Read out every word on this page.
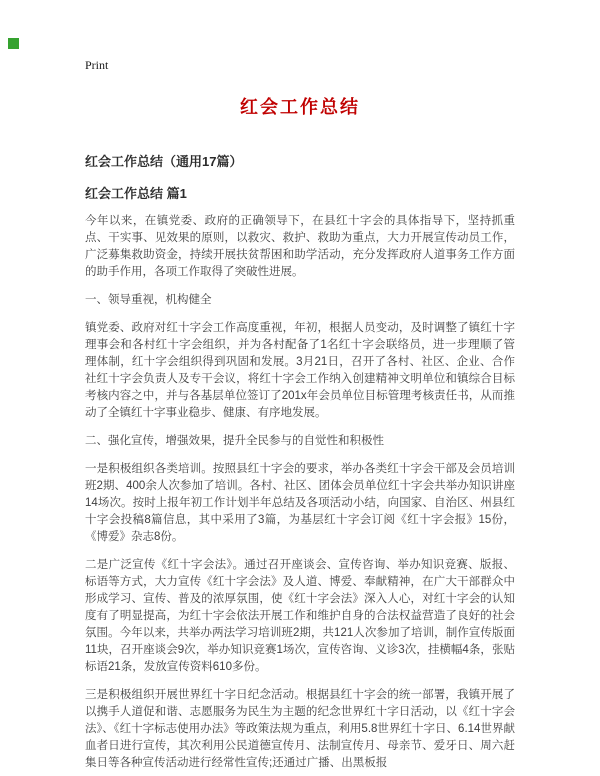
Print
红会工作总结
红会工作总结（通用17篇）
红会工作总结 篇1

今年以来，在镇党委、政府的正确领导下，在县红十字会的具体指导下，坚持抓重点、干实事、见效果的原则，以救灾、救护、救助为重点，大力开展宣传动员工作，广泛募集救助资金，持续开展扶贫帮困和助学活动，充分发挥政府人道事务工作方面的助手作用，各项工作取得了突破性进展。

一、领导重视，机构健全

镇党委、政府对红十字会工作高度重视，年初，根据人员变动，及时调整了镇红十字理事会和各村红十字会组织，并为各村配备了1名红十字会联络员，进一步理顺了管理体制，红十字会组织得到巩固和发展。3月21日，召开了各村、社区、企业、合作社红十字会负责人及专干会议，将红十字会工作纳入创建精神文明单位和镇综合目标考核内容之中，并与各基层单位签订了201x年会员单位目标管理考核责任书，从而推动了全镇红十字事业稳步、健康、有序地发展。

二、强化宣传，增强效果，提升全民参与的自觉性和积极性

一是积极组织各类培训。按照县红十字会的要求，举办各类红十字会干部及会员培训班2期、400余人次参加了培训。各村、社区、团体会员单位红十字会共举办知识讲座14场次。按时上报年初工作计划半年总结及各项活动小结，向国家、自治区、州县红十字会投稿8篇信息，其中采用了3篇，为基层红十字会订阅《红十字会报》15份，《博爱》杂志8份。

二是广泛宣传《红十字会法》。通过召开座谈会、宣传咨询、举办知识竞赛、版报、标语等方式，大力宣传《红十字会法》及人道、博爱、奉献精神，在广大干部群众中形成学习、宣传、普及的浓厚氛围，使《红十字会法》深入人心，对红十字会的认知度有了明显提高，为红十字会依法开展工作和维护自身的合法权益营造了良好的社会氛围。今年以来，共举办两法学习培训班2期，共121人次参加了培训，制作宣传版面11块，召开座谈会9次，举办知识竞赛1场次，宣传咨询、义诊3次，挂横幅4条，张贴标语21条，发放宣传资料610多份。

三是积极组织开展世界红十字日纪念活动。根据县红十字会的统一部署，我镇开展了以携手人道促和谐、志愿服务为民生为主题的纪念世界红十字日活动，以《红十字会法》、《红十字标志使用办法》等政策法规为重点，利用5.8世界红十字日、6.14世界献血者日进行宣传，其次利用公民道德宣传月、法制宣传月、母亲节、爱牙日、周六赶集日等各种宣传活动进行经常性宣传;还通过广播、出黑板报
